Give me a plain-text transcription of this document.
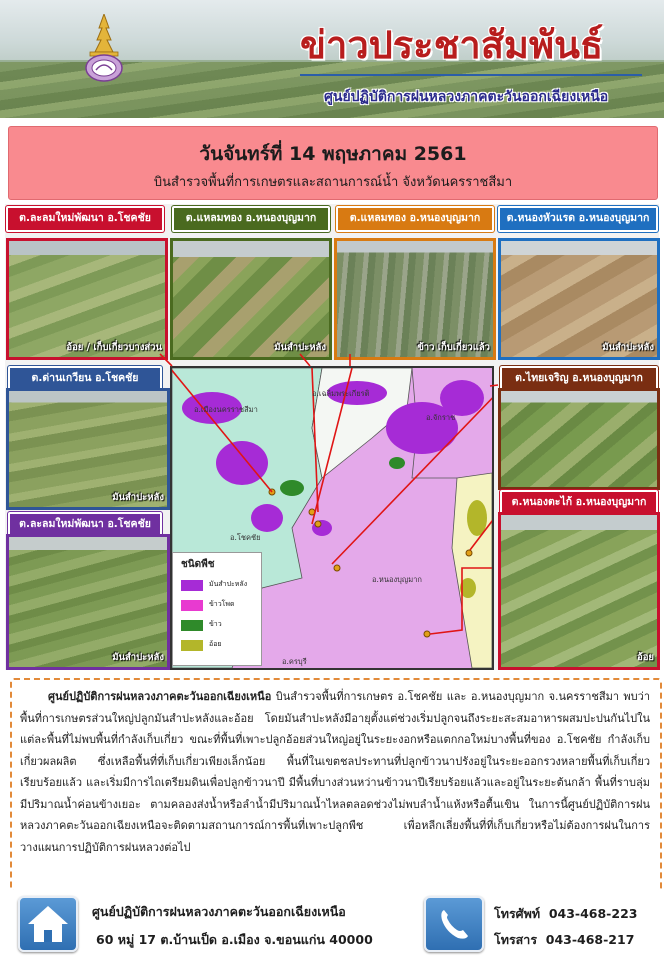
ข่าวประชาสัมพันธ์
ศูนย์ปฏิบัติการฝนหลวงภาคตะวันออกเฉียงเหนือ
วันจันทร์ที่ 14 พฤษภาคม 2561
บินสำรวจพื้นที่การเกษตรและสถานการณ์น้ำ จังหวัดนครราชสีมา
ต.ละลมใหม่พัฒนา อ.โชคชัย	ต.แหลมทอง อ.หนองบุญมาก	ต.แหลมทอง อ.หนองบุญมาก	ต.หนองหัวแรด อ.หนองบุญมาก
อ้อย / เก็บเกี่ยวบางส่วน	มันสำปะหลัง	ข้าว เก็บเกี่ยวแล้ว	มันสำปะหลัง
ต.ด่านเกวียน อ.โชคชัย
มันสำปะหลัง
ต.ละลมใหม่พัฒนา อ.โชคชัย
มันสำปะหลัง
ต.ไทยเจริญ อ.หนองบุญมาก
ต.หนองตะไก้ อ.หนองบุญมาก
อ้อย
อ.เมืองนครราชสีมา
อ.เฉลิมพระเกียรติ
อ.จักราช
อ.โชคชัย
อ.หนองบุญมาก
อ.ครบุรี
ชนิดพืช
มันสำปะหลัง
ข้าวโพด
ข้าว
อ้อย
ศูนย์ปฏิบัติการฝนหลวงภาคตะวันออกเฉียงเหนือ บินสำรวจพื้นที่การเกษตร อ.โชคชัย และ อ.หนองบุญมาก จ.นครราชสีมา พบว่า พื้นที่การเกษตรส่วนใหญ่ปลูกมันสำปะหลังและอ้อย โดยมันสำปะหลังมีอายุตั้งแต่ช่วงเริ่มปลูกจนถึงระยะสะสมอาหารผสมปะปนกันไปในแต่ละพื้นที่ไม่พบพื้นที่กำลังเก็บเกี่ยว ขณะที่พื้นที่เพาะปลูกอ้อยส่วนใหญ่อยู่ในระยะงอกหรือแตกกอใหม่บางพื้นที่ของ อ.โชคชัย กำลังเก็บเกี่ยวผลผลิต ซึ่งเหลือพื้นที่ที่เก็บเกี่ยวเพียงเล็กน้อย พื้นที่ในเขตชลประทานที่ปลูกข้าวนาปรังอยู่ในระยะออกรวงหลายพื้นที่เก็บเกี่ยวเรียบร้อยแล้ว และเริ่มมีการไถเตรียมดินเพื่อปลูกข้าวนาปี มีพื้นที่บางส่วนหว่านข้าวนาปีเรียบร้อยแล้วและอยู่ในระยะต้นกล้า พื้นที่ราบลุ่มมีปริมาณน้ำค่อนข้างเยอะ ตามคลองส่งน้ำหรือลำน้ำมีปริมาณน้ำไหลตลอดช่วงไม่พบลำน้ำแห้งหรือตื้นเขิน ในการนี้ศูนย์ปฏิบัติการฝนหลวงภาคตะวันออกเฉียงเหนือจะติดตามสถานการณ์การพื้นที่เพาะปลูกพืช เพื่อหลีกเลี่ยงพื้นที่ที่เก็บเกี่ยวหรือไม่ต้องการฝนในการวางแผนการปฏิบัติการฝนหลวงต่อไป
ศูนย์ปฏิบัติการฝนหลวงภาคตะวันออกเฉียงเหนือ
60 หมู่ 17 ต.บ้านเป็ด อ.เมือง จ.ขอนแก่น 40000
โทรศัพท์ 043-468-223
โทรสาร 043-468-217
